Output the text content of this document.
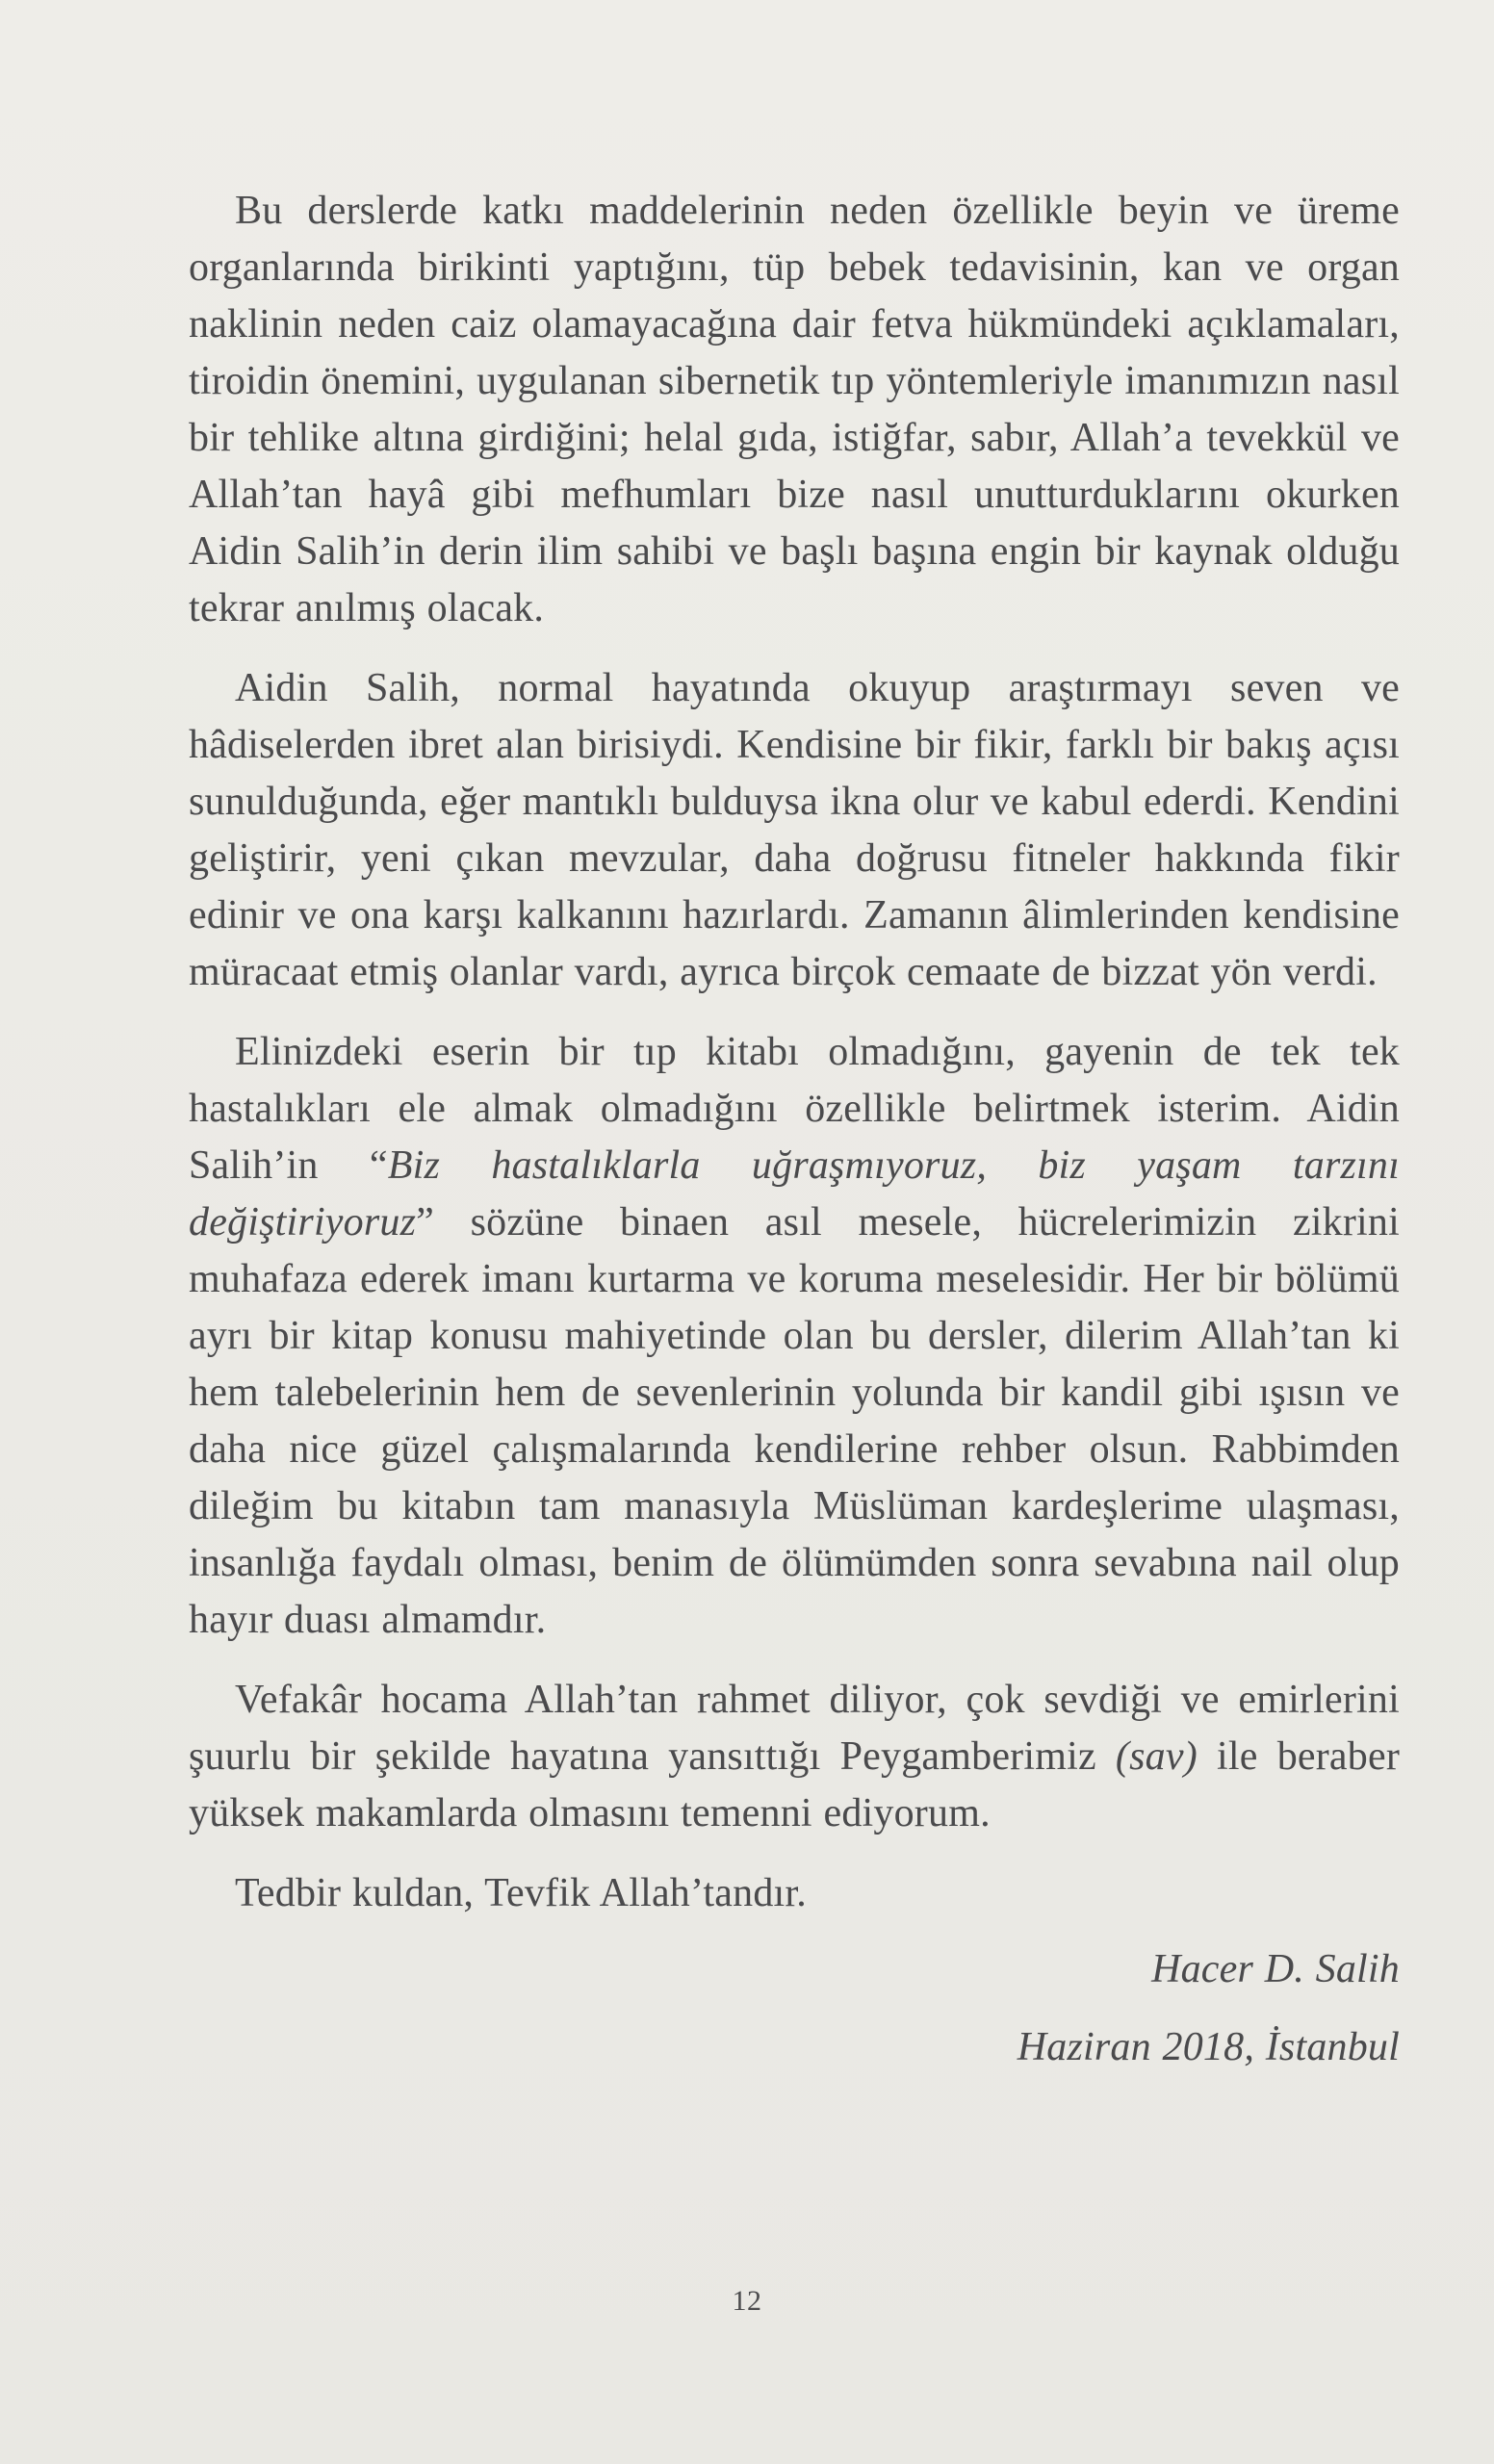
Bu derslerde katkı maddelerinin neden özellikle beyin ve üreme organlarında birikinti yaptığını, tüp bebek tedavisinin, kan ve organ naklinin neden caiz olamayacağına dair fetva hükmündeki açıklamaları, tiroidin önemini, uygulanan sibernetik tıp yöntemleriyle imanımızın nasıl bir tehlike altına girdiğini; helal gıda, istiğfar, sabır, Allah’a tevekkül ve Allah’tan hayâ gibi mefhumları bize nasıl unutturduklarını okurken Aidin Salih’in derin ilim sahibi ve başlı başına engin bir kaynak olduğu tekrar anılmış olacak.

Aidin Salih, normal hayatında okuyup araştırmayı seven ve hâdiselerden ibret alan birisiydi. Kendisine bir fikir, farklı bir bakış açısı sunulduğunda, eğer mantıklı bulduysa ikna olur ve kabul ederdi. Kendini geliştirir, yeni çıkan mevzular, daha doğrusu fitneler hakkında fikir edinir ve ona karşı kalkanını hazırlardı. Zamanın âlimlerinden kendisine müracaat etmiş olanlar vardı, ayrıca birçok cemaate de bizzat yön verdi.

Elinizdeki eserin bir tıp kitabı olmadığını, gayenin de tek tek hastalıkları ele almak olmadığını özellikle belirtmek isterim. Aidin Salih’in “Biz hastalıklarla uğraşmıyoruz, biz yaşam tarzını değiştiriyoruz” sözüne binaen asıl mesele, hücrelerimizin zikrini muhafaza ederek imanı kurtarma ve koruma meselesidir. Her bir bölümü ayrı bir kitap konusu mahiyetinde olan bu dersler, dilerim Allah’tan ki hem talebelerinin hem de sevenlerinin yolunda bir kandil gibi ışısın ve daha nice güzel çalışmalarında kendilerine rehber olsun. Rabbimden dileğim bu kitabın tam manasıyla Müslüman kardeşlerime ulaşması, insanlığa faydalı olması, benim de ölümümden sonra sevabına nail olup hayır duası almamdır.

Vefakâr hocama Allah’tan rahmet diliyor, çok sevdiği ve emirlerini şuurlu bir şekilde hayatına yansıttığı Peygamberimiz (sav) ile beraber yüksek makamlarda olmasını temenni ediyorum.

Tedbir kuldan, Tevfik Allah’tandır.

Hacer D. Salih
Haziran 2018, İstanbul
12
